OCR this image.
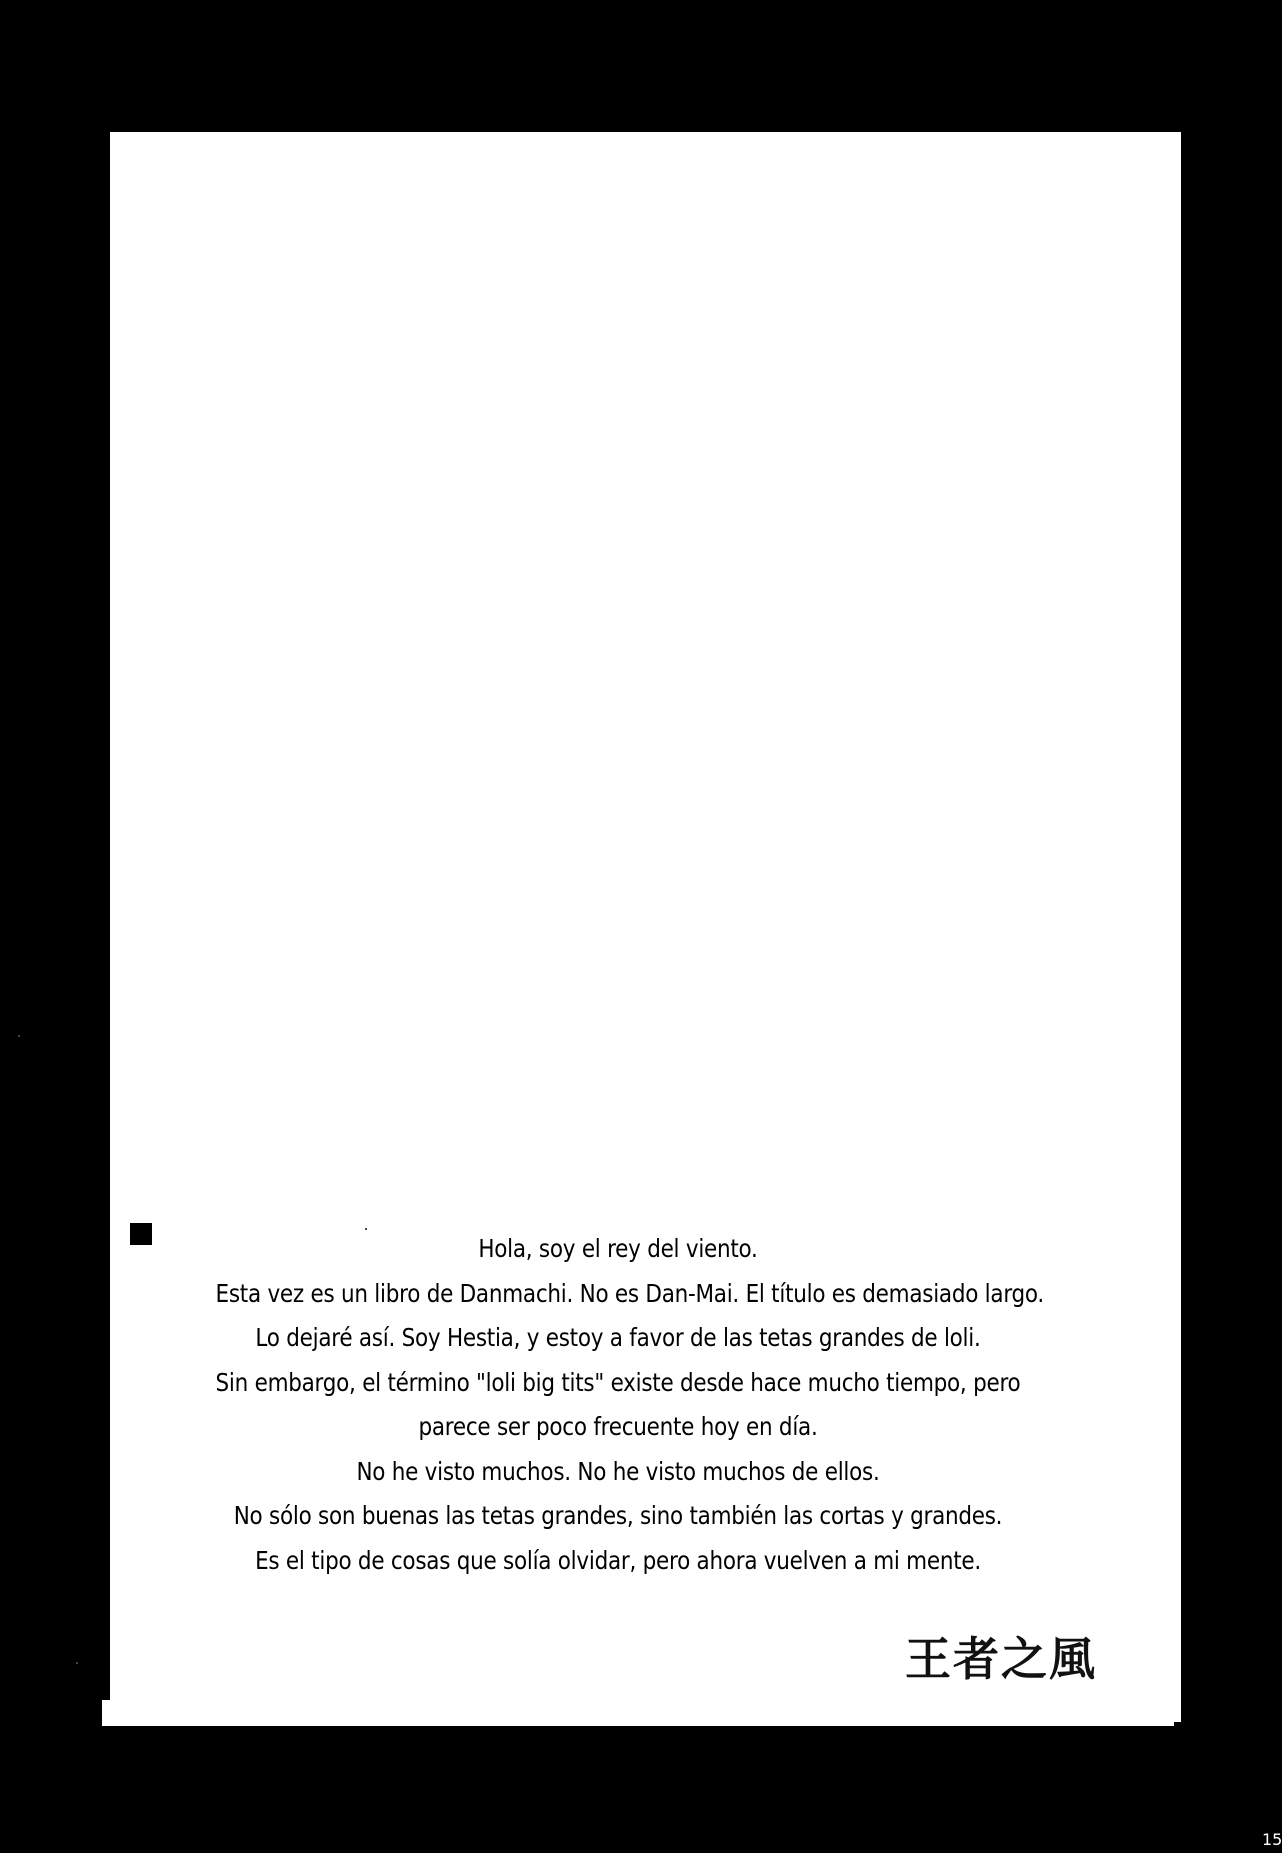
Hola, soy el rey del viento.
Esta vez es un libro de Danmachi. No es Dan-Mai. El título es demasiado largo.
Lo dejaré así. Soy Hestia, y estoy a favor de las tetas grandes de loli.
Sin embargo, el término "loli big tits" existe desde hace mucho tiempo, pero
parece ser poco frecuente hoy en día.
No he visto muchos. No he visto muchos de ellos.
No sólo son buenas las tetas grandes, sino también las cortas y grandes.
Es el tipo de cosas que solía olvidar, pero ahora vuelven a mi mente.
王者之風
15
